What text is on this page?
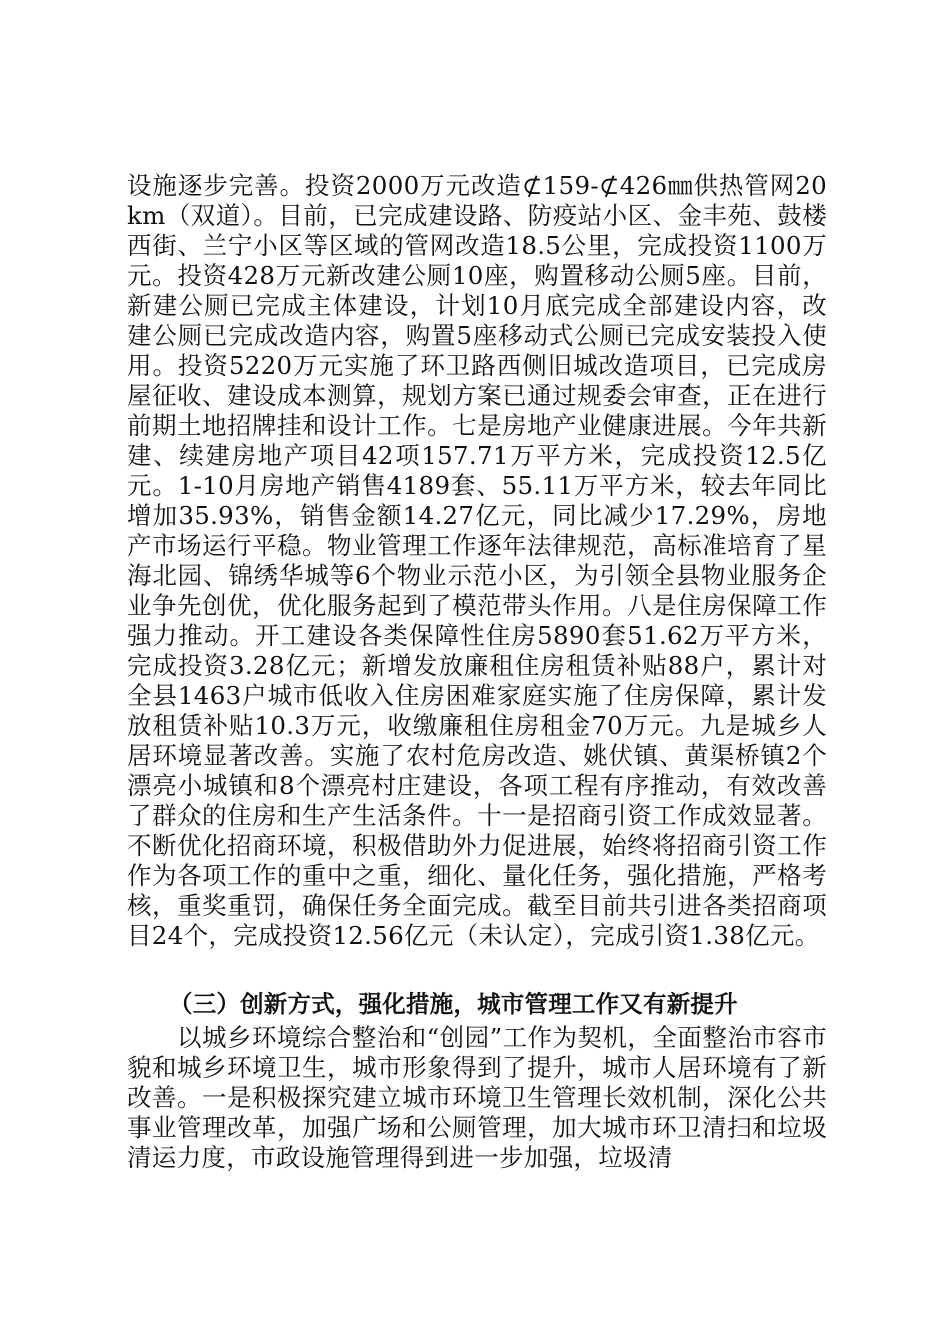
设施逐步完善。投资2000万元改造⊄159-⊄426㎜供热管网20km（双道）。目前，已完成建设路、防疫站小区、金丰苑、鼓楼西街、兰宁小区等区域的管网改造18.5公里，完成投资1100万元。投资428万元新改建公厕10座，购置移动公厕5座。目前，新建公厕已完成主体建设，计划10月底完成全部建设内容，改建公厕已完成改造内容，购置5座移动式公厕已完成安装投入使用。投资5220万元实施了环卫路西侧旧城改造项目，已完成房屋征收、建设成本测算，规划方案已通过规委会审查，正在进行前期土地招牌挂和设计工作。七是房地产业健康进展。今年共新建、续建房地产项目42项157.71万平方米，完成投资12.5亿元。1-10月房地产销售4189套、55.11万平方米，较去年同比增加35.93%，销售金额14.27亿元，同比减少17.29%，房地产市场运行平稳。物业管理工作逐年法律规范，高标准培育了星海北园、锦绣华城等6个物业示范小区，为引领全县物业服务企业争先创优，优化服务起到了模范带头作用。八是住房保障工作强力推动。开工建设各类保障性住房5890套51.62万平方米，完成投资3.28亿元；新增发放廉租住房租赁补贴88户，累计对全县1463户城市低收入住房困难家庭实施了住房保障，累计发放租赁补贴10.3万元，收缴廉租住房租金70万元。九是城乡人居环境显著改善。实施了农村危房改造、姚伏镇、黄渠桥镇2个漂亮小城镇和8个漂亮村庄建设，各项工程有序推动，有效改善了群众的住房和生产生活条件。十一是招商引资工作成效显著。不断优化招商环境，积极借助外力促进展，始终将招商引资工作作为各项工作的重中之重，细化、量化任务，强化措施，严格考核，重奖重罚，确保任务全面完成。截至目前共引进各类招商项目24个，完成投资12.56亿元（未认定），完成引资1.38亿元。

（三）创新方式，强化措施，城市管理工作又有新提升

以城乡环境综合整治和“创园”工作为契机，全面整治市容市貌和城乡环境卫生，城市形象得到了提升，城市人居环境有了新改善。一是积极探究建立城市环境卫生管理长效机制，深化公共事业管理改革，加强广场和公厕管理，加大城市环卫清扫和垃圾清运力度，市政设施管理得到进一步加强，垃圾清
